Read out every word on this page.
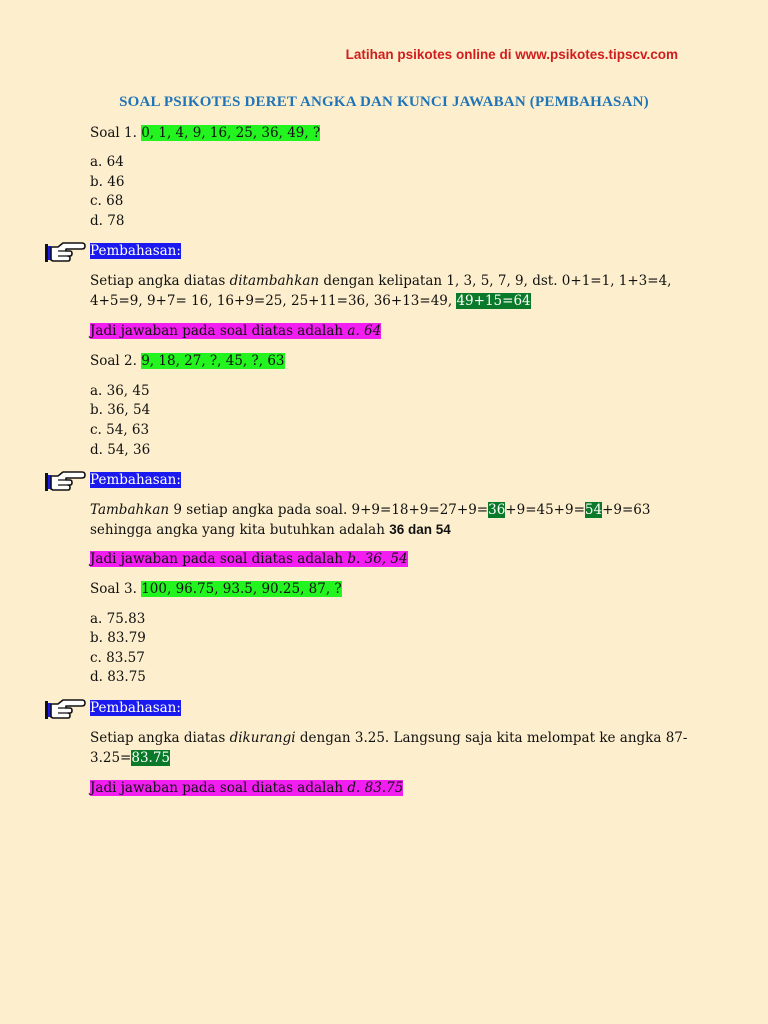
Latihan psikotes online di www.psikotes.tipscv.com
SOAL PSIKOTES DERET ANGKA DAN KUNCI JAWABAN (PEMBAHASAN)
Soal 1. 0, 1, 4, 9, 16, 25, 36, 49, ?
a. 64
b. 46
c. 68
d. 78
Pembahasan:
Setiap angka diatas ditambahkan dengan kelipatan 1, 3, 5, 7, 9, dst. 0+1=1, 1+3=4,
4+5=9, 9+7= 16, 16+9=25, 25+11=36, 36+13=49, 49+15=64
Jadi jawaban pada soal diatas adalah a. 64
Soal 2. 9, 18, 27, ?, 45, ?, 63
a. 36, 45
b. 36, 54
c. 54, 63
d. 54, 36
Pembahasan:
Tambahkan 9 setiap angka pada soal. 9+9=18+9=27+9=36+9=45+9=54+9=63
sehingga angka yang kita butuhkan adalah 36 dan 54
Jadi jawaban pada soal diatas adalah b. 36, 54
Soal 3. 100, 96.75, 93.5, 90.25, 87, ?
a. 75.83
b. 83.79
c. 83.57
d. 83.75
Pembahasan:
Setiap angka diatas dikurangi dengan 3.25. Langsung saja kita melompat ke angka 87-
3.25=83.75
Jadi jawaban pada soal diatas adalah d. 83.75
